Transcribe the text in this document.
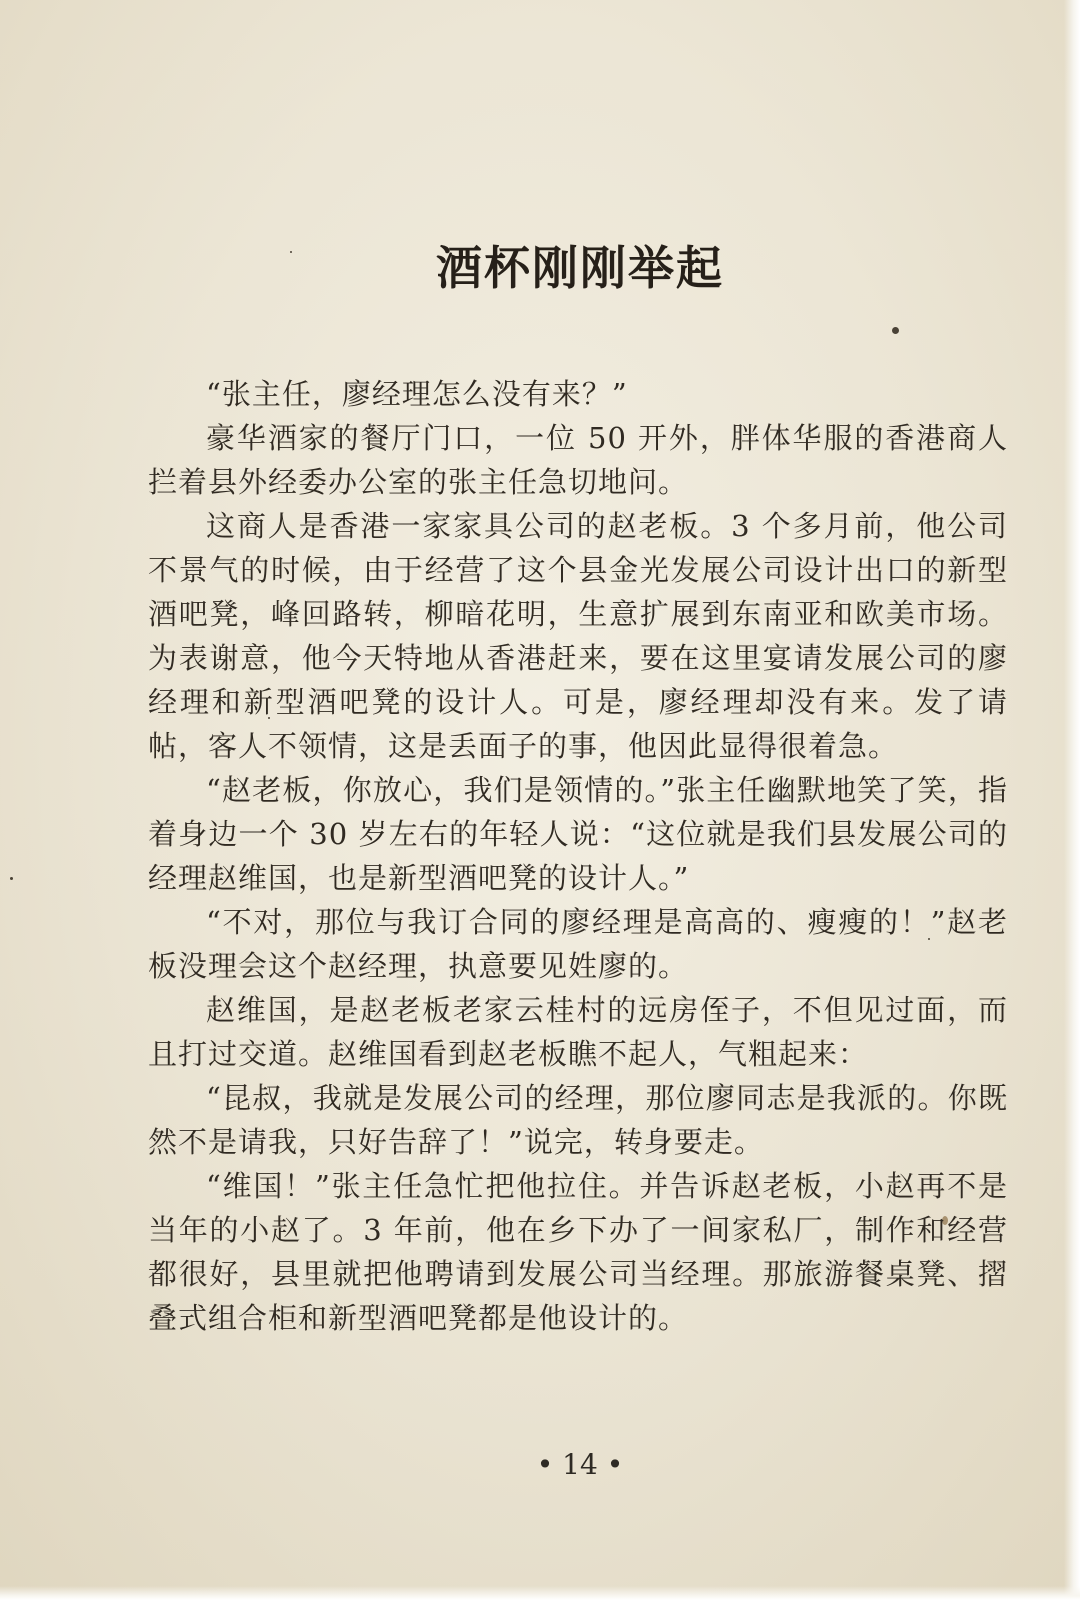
酒杯刚刚举起

“张主任，廖经理怎么没有来？”

豪华酒家的餐厅门口，一位 50 开外，胖体华服的香港商人拦着县外经委办公室的张主任急切地问。

这商人是香港一家家具公司的赵老板。3 个多月前，他公司不景气的时候，由于经营了这个县金光发展公司设计出口的新型酒吧凳，峰回路转，柳暗花明，生意扩展到东南亚和欧美市场。为表谢意，他今天特地从香港赶来，要在这里宴请发展公司的廖经理和新型酒吧凳的设计人。可是，廖经理却没有来。发了请帖，客人不领情，这是丢面子的事，他因此显得很着急。

“赵老板，你放心，我们是领情的。”张主任幽默地笑了笑，指着身边一个 30 岁左右的年轻人说：“这位就是我们县发展公司的经理赵维国，也是新型酒吧凳的设计人。”

“不对，那位与我订合同的廖经理是高高的、瘦瘦的！”赵老板没理会这个赵经理，执意要见姓廖的。

赵维国，是赵老板老家云桂村的远房侄子，不但见过面，而且打过交道。赵维国看到赵老板瞧不起人，气粗起来：

“昆叔，我就是发展公司的经理，那位廖同志是我派的。你既然不是请我，只好告辞了！”说完，转身要走。

“维国！”张主任急忙把他拉住。并告诉赵老板，小赵再不是当年的小赵了。3 年前，他在乡下办了一间家私厂，制作和经营都很好，县里就把他聘请到发展公司当经理。那旅游餐桌凳、摺叠式组合柜和新型酒吧凳都是他设计的。

• 14 •
